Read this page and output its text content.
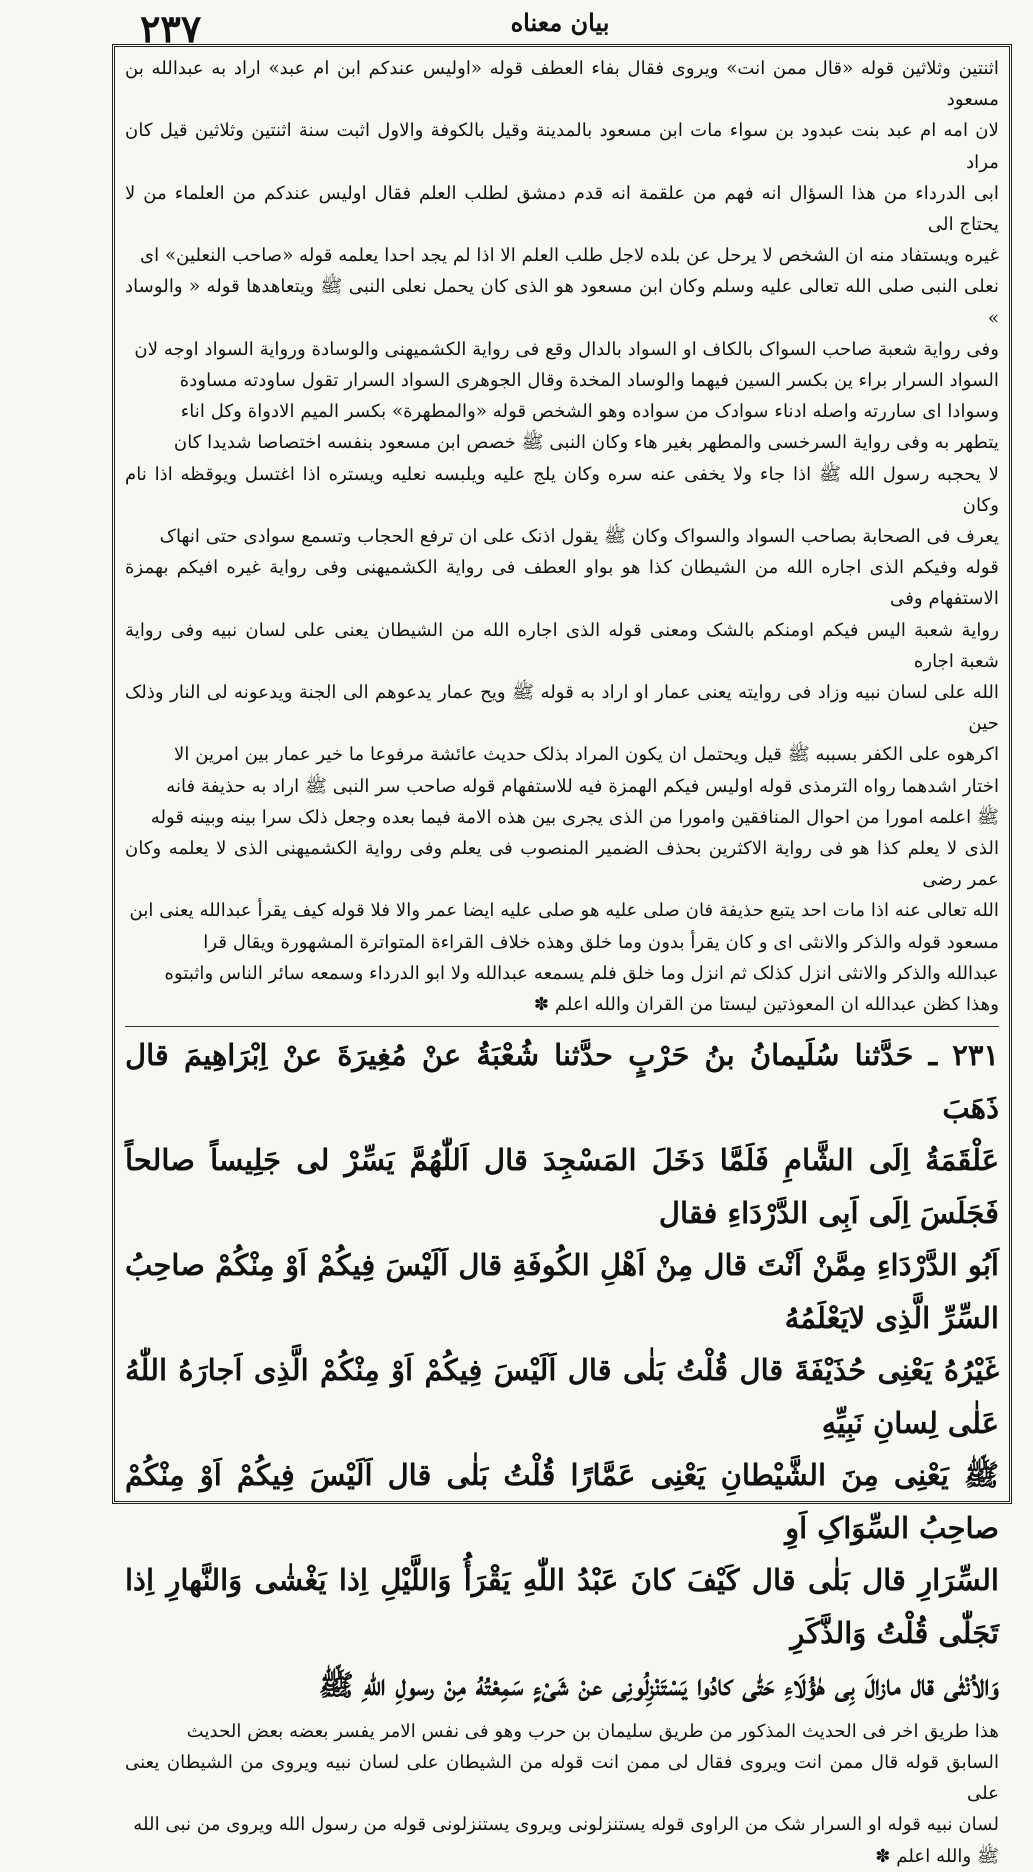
۲۳۷	بیان معناه

اثنتین وثلاثین قوله «قال ممن انت» ویروی فقال بفاء العطف قوله «اولیس عندکم ابن ام عبد» اراد به عبدالله بن مسعود

لان امه ام عبد بنت عبدود بن سواء مات ابن مسعود بالمدینة وقیل بالکوفة والاول اثبت سنة اثنتین وثلاثین قیل کان مراد

ابی الدرداء من هذا السؤال انه فهم من علقمة انه قدم دمشق لطلب العلم فقال اولیس عندکم من العلماء من لا یحتاج الی

غیره ویستفاد منه ان الشخص لا یرحل عن بلده لاجل طلب العلم الا اذا لم یجد احدا یعلمه قوله «صاحب النعلین» ای

نعلی النبی صلی الله تعالی علیه وسلم وکان ابن مسعود هو الذی کان یحمل نعلی النبی ﷺ ویتعاهدها قوله « والوساد »

وفی روایة شعبة صاحب السواک بالکاف او السواد بالدال وقع فی روایة الکشمیهنی والوسادة وروایة السواد اوجه لان

السواد السرار براء ین بکسر السین فیهما والوساد المخدة وقال الجوهری السواد السرار تقول ساودته مساودة

وسوادا ای ساررته واصله ادناء سوادک من سواده وهو الشخص قوله «والمطهرة» بکسر المیم الادواة وکل اناء

یتطهر به وفی روایة السرخسی والمطهر بغیر هاء وکان النبی ﷺ خصص ابن مسعود بنفسه اختصاصا شدیدا کان

لا یحجبه رسول الله ﷺ اذا جاء ولا یخفی عنه سره وکان یلج علیه ویلبسه نعلیه ویستره اذا اغتسل ویوقظه اذا نام وکان

یعرف فی الصحابة بصاحب السواد والسواک وکان ﷺ یقول اذنک علی ان ترفع الحجاب وتسمع سوادی حتی انهاک

قوله وفیکم الذی اجاره الله من الشیطان کذا هو بواو العطف فی روایة الکشمیهنی وفی روایة غیره افیکم بهمزة الاستفهام وفی

روایة شعبة الیس فیکم اومنکم بالشک ومعنی قوله الذی اجاره الله من الشیطان یعنی علی لسان نبیه وفی روایة شعبة اجاره

الله علی لسان نبیه وزاد فی روایته یعنی عمار او اراد به قوله ﷺ ویح عمار یدعوهم الی الجنة ویدعونه لی النار وذلک حین

اکرهوه علی الکفر بسببه ﷺ قیل ویحتمل ان یکون المراد بذلک حدیث عائشة مرفوعا ما خیر عمار بین امرین الا

اختار اشدهما رواه الترمذی قوله اولیس فیکم الهمزة فیه للاستفهام قوله صاحب سر النبی ﷺ اراد به حذیفة فانه

ﷺ اعلمه امورا من احوال المنافقین وامورا من الذی یجری بین هذه الامة فیما بعده وجعل ذلک سرا بینه وبینه قوله

الذی لا یعلم کذا هو فی روایة الاکثرین بحذف الضمیر المنصوب فی یعلم وفی روایة الکشمیهنی الذی لا یعلمه وکان عمر رضی

الله تعالی عنه اذا مات احد یتبع حذیفة فان صلی علیه هو صلی علیه ایضا عمر والا فلا قوله کیف یقرأ عبدالله یعنی ابن

مسعود قوله والذکر والانثی ای و کان یقرأ بدون وما خلق وهذه خلاف القراءة المتواترة المشهورة ویقال قرا

عبدالله والذکر والانثی انزل کذلک ثم انزل وما خلق فلم یسمعه عبدالله ولا ابو الدرداء وسمعه سائر الناس واثبتوه

وهذا کظن عبدالله ان المعوذتین لیستا من القران والله اعلم ✽

۲۳۱ ـ حَدَّثنا سُلَیمانُ بنُ حَرْبٍ حدَّثنا شُعْبَةُ عنْ مُغِیرَةَ عنْ اِبْرَاهِیمَ قال ذَهَبَ

عَلْقَمَةُ اِلَی الشَّامِ فَلَمَّا دَخَلَ المَسْجِدَ قال اَللّٰهُمَّ یَسِّرْ لی جَلِیساً صالحاً فَجَلَسَ اِلَی اَبِی الدَّرْدَاءِ فقال

اَبُو الدَّرْدَاءِ مِمَّنْ اَنْتَ قال مِنْ اَهْلِ الکُوفَةِ قال اَلَیْسَ فِیکُمْ اَوْ مِنْکُمْ صاحِبُ السِّرِّ الَّذِی لایَعْلَمُهُ

غَیْرُهُ یَعْنِی حُذَیْفَةَ قال قُلْتُ بَلٰی قال اَلَیْسَ فِیکُمْ اَوْ مِنْکُمْ الَّذِی اَجارَهُ اللّٰهُ عَلٰی لِسانِ نَبِیِّهِ

ﷺ یَعْنِی مِنَ الشَّیْطانِ یَعْنِی عَمَّارًا قُلْتُ بَلٰی قال اَلَیْسَ فِیکُمْ اَوْ مِنْکُمْ صاحِبُ السِّوَاکِ اَوِ

السِّرَارِ قال بَلٰی قال کَیْفَ کانَ عَبْدُ اللّٰهِ یَقْرَأُ وَاللَّیْلِ اِذا یَغْشٰی وَالنَّهارِ اِذا تَجَلّٰی قُلْتُ وَالذَّکَرِ

وَالاُنْثٰی قال مازالَ بِی هٰؤُلَاءِ حَتّٰی کادُوا یَسْتَنْزِلُونِی عنْ شَیْءٍ سَمِعْتُهُ مِنْ رسولِ اللّٰهِ ﷺ

هذا طریق اخر فی الحدیث المذکور من طریق سلیمان بن حرب وهو فی نفس الامر یفسر بعضه بعض الحدیث

السابق قوله قال ممن انت ویروی فقال لی ممن انت قوله من الشیطان علی لسان نبیه ویروی من الشیطان یعنی علی

لسان نبیه قوله او السرار شک من الراوی قوله یستنزلونی ویروی یستنزلونی قوله من رسول الله ویروی من نبی الله

ﷺ والله اعلم ✽
